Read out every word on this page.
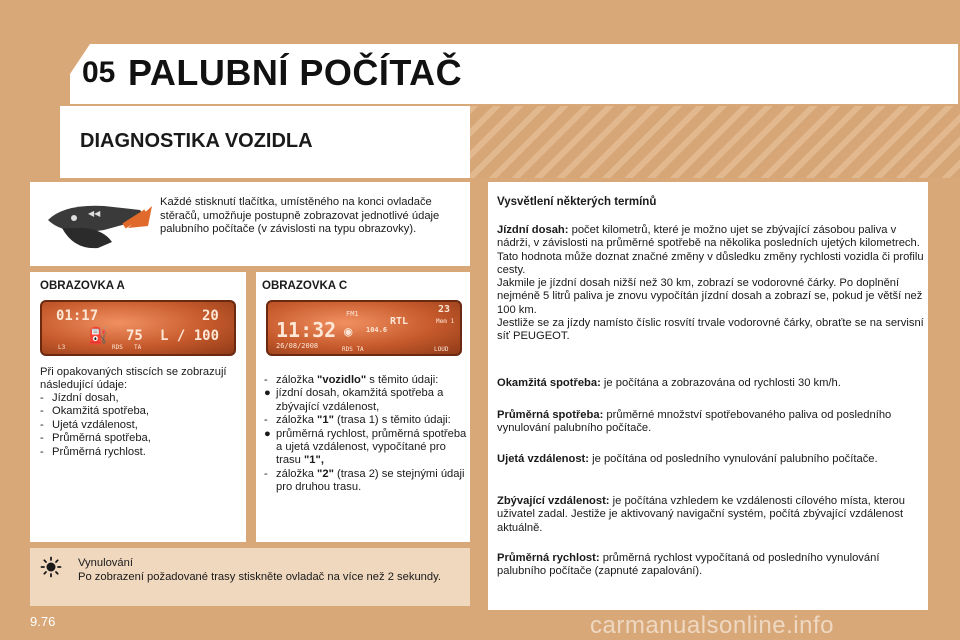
05 PALUBNÍ POČÍTAČ
DIAGNOSTIKA VOZIDLA
◀◀
Každé stisknutí tlačítka, umístěného na konci ovladače stěračů, umožňuje postupně zobrazovat jednotlivé údaje palubního počítače (v závislosti na typu obrazovky).
OBRAZOVKA A
01:17	20
⛽ 75 L / 100
L3	RDS TA
Při opakovaných stiscích se zobrazují následující údaje:
- Jízdní dosah,
- Okamžitá spotřeba,
- Ujetá vzdálenost,
- Průměrná spotřeba,
- Průměrná rychlost.
OBRAZOVKA C
11:32
26/08/2008
FM1
◉ 104.6
RTL
23
Mem 1
RDS TA	LOUD
- záložka "vozidlo" s těmito údaji:
● jízdní dosah, okamžitá spotřeba a zbývající vzdálenost,
- záložka "1" (trasa 1) s těmito údaji:
● průměrná rychlost, průměrná spotřeba a ujetá vzdálenost, vypočítané pro trasu "1",
- záložka "2" (trasa 2) se stejnými údaji pro druhou trasu.
Vynulování
Po zobrazení požadované trasy stiskněte ovladač na více než 2 sekundy.
Vysvětlení některých termínů
Jízdní dosah: počet kilometrů, které je možno ujet se zbývající zásobou paliva v nádrži, v závislosti na průměrné spotřebě na několika posledních ujetých kilometrech.
Tato hodnota může doznat značné změny v důsledku změny rychlosti vozidla či profilu cesty.
Jakmile je jízdní dosah nižší než 30 km, zobrazí se vodorovné čárky. Po doplnění nejméně 5 litrů paliva je znovu vypočítán jízdní dosah a zobrazí se, pokud je větší než 100 km.
Jestliže se za jízdy namísto číslic rosvítí trvale vodorovné čárky, obraťte se na servisní síť PEUGEOT.
Okamžitá spotřeba: je počítána a zobrazována od rychlosti 30 km/h.
Průměrná spotřeba: průměrné množství spotřebovaného paliva od posledního vynulování palubního počítače.
Ujetá vzdálenost: je počítána od posledního vynulování palubního počítače.
Zbývající vzdálenost: je počítána vzhledem ke vzdálenosti cílového místa, kterou uživatel zadal. Jestiže je aktivovaný navigační systém, počítá zbývající vzdálenost aktuálně.
Průměrná rychlost: průměrná rychlost vypočítaná od posledního vynulování palubního počítače (zapnuté zapalování).
9.76	carmanualsonline.info
